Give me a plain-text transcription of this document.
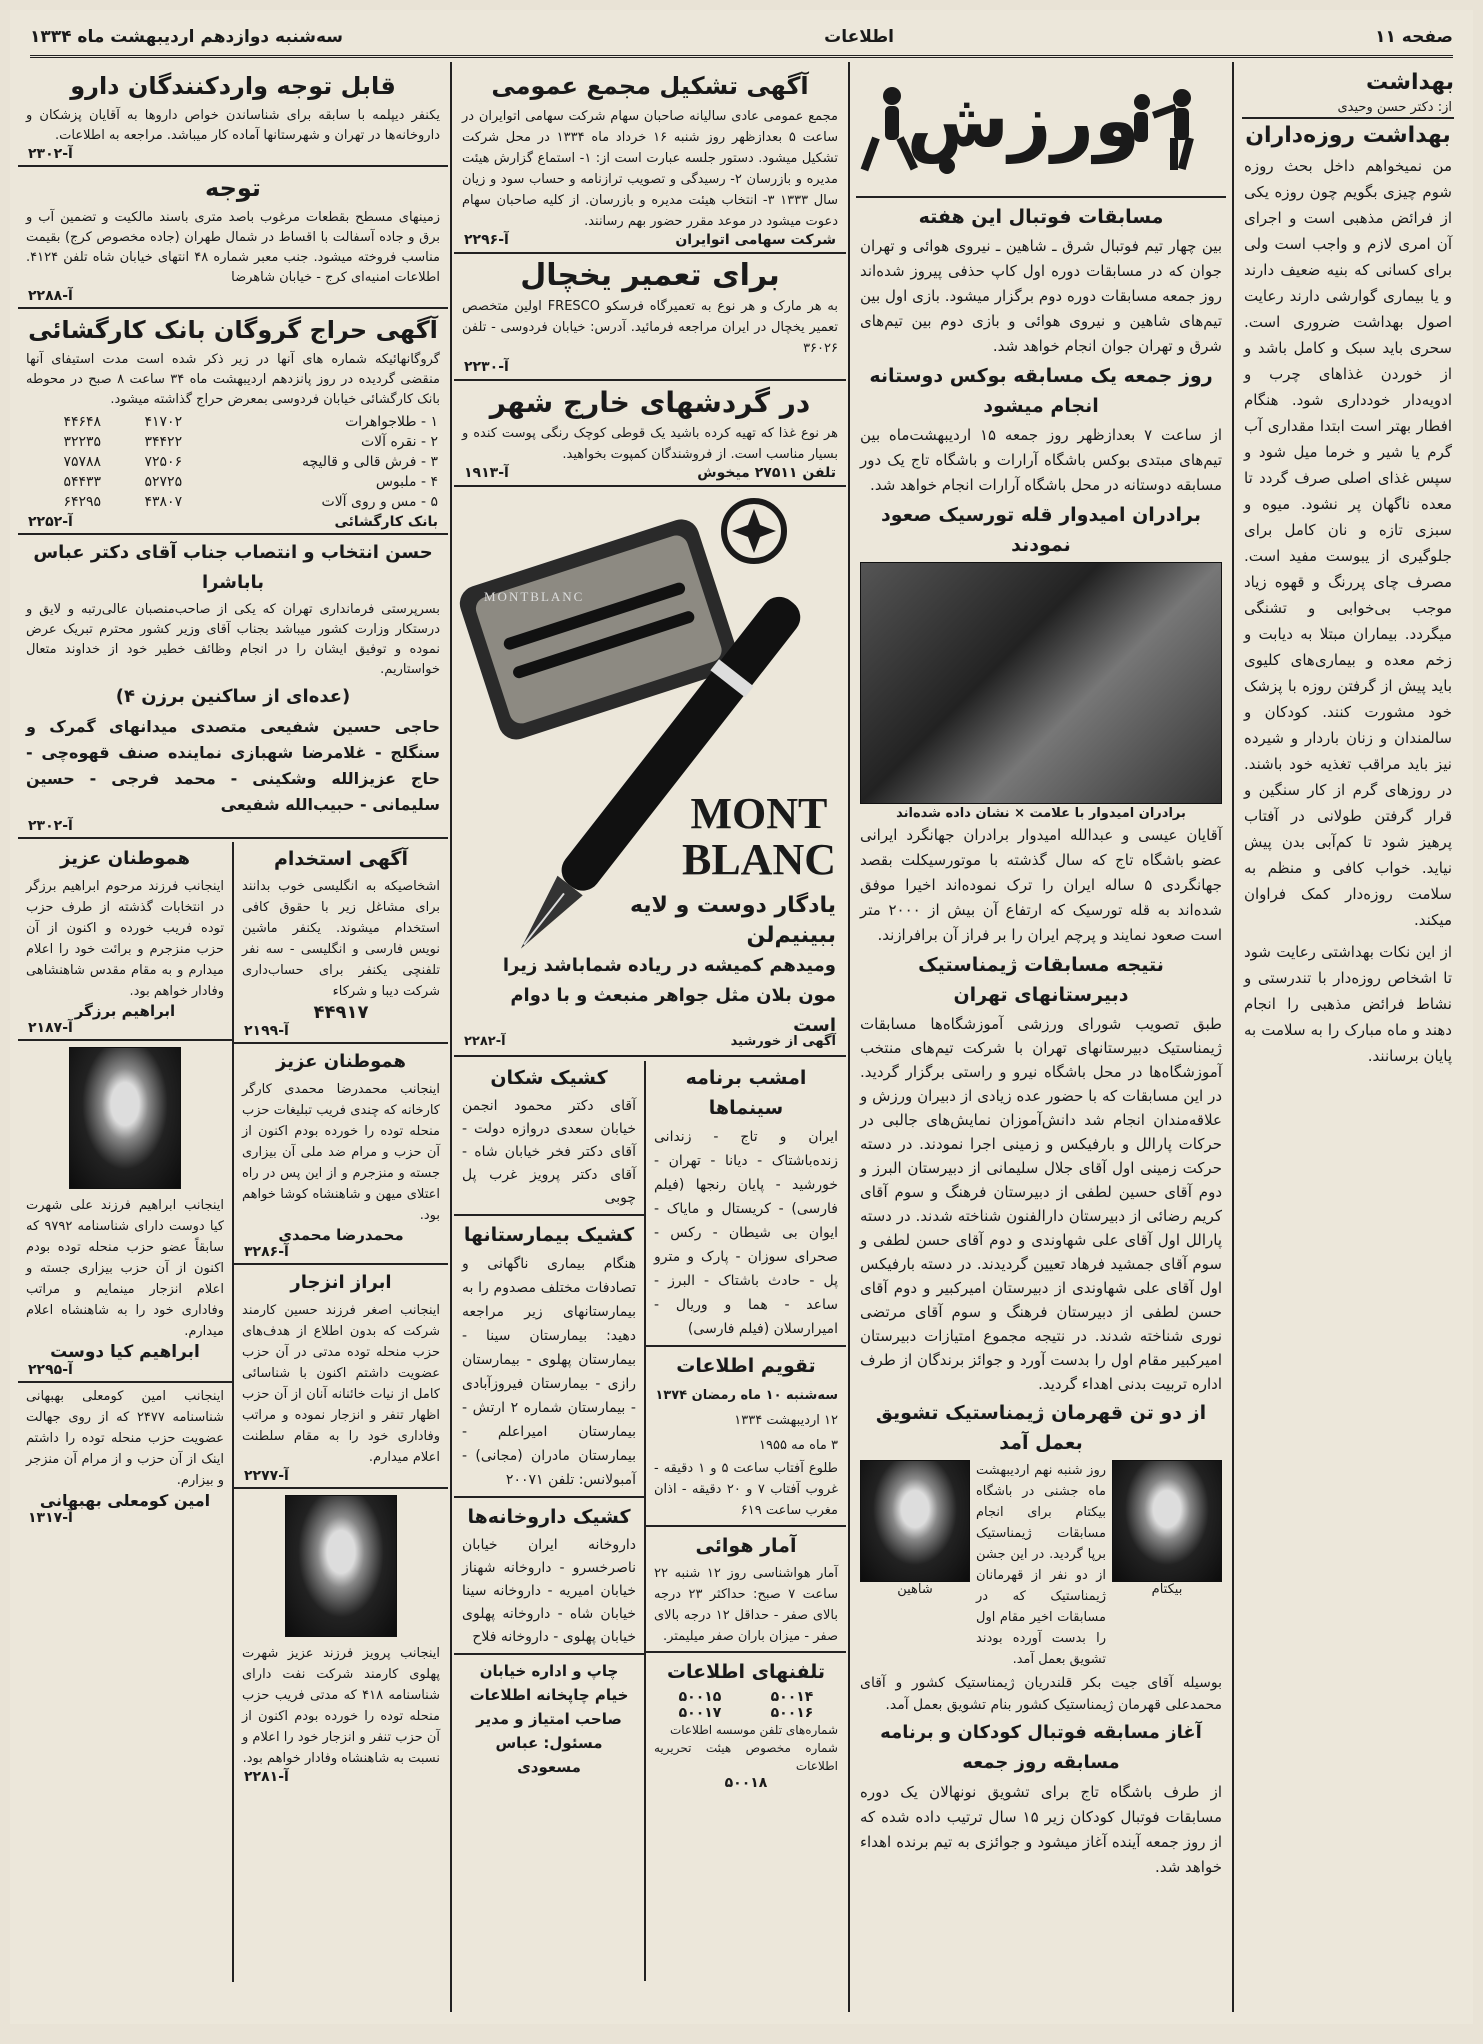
صفحه ۱۱
اطلاعات
سه‌شنبه دوازدهم اردیبهشت ماه ۱۳۳۴
بهداشت
از: دکتر حسن وحیدی
بهداشت روزه‌داران
من نمیخواهم داخل بحث روزه شوم چیزی بگویم چون روزه یکی از فرائض مذهبی است و اجرای آن امری لازم و واجب است ولی برای کسانی که بنیه ضعیف دارند و یا بیماری گوارشی دارند رعایت اصول بهداشت ضروری است. سحری باید سبک و کامل باشد و از خوردن غذاهای چرب و ادویه‌دار خودداری شود. هنگام افطار بهتر است ابتدا مقداری آب گرم یا شیر و خرما میل شود و سپس غذای اصلی صرف گردد تا معده ناگهان پر نشود. میوه و سبزی تازه و نان کامل برای جلوگیری از یبوست مفید است. مصرف چای پررنگ و قهوه زیاد موجب بی‌خوابی و تشنگی میگردد. بیماران مبتلا به دیابت و زخم معده و بیماری‌های کلیوی باید پیش از گرفتن روزه با پزشک خود مشورت کنند. کودکان و سالمندان و زنان باردار و شیرده نیز باید مراقب تغذیه خود باشند. در روزهای گرم از کار سنگین و قرار گرفتن طولانی در آفتاب پرهیز شود تا کم‌آبی بدن پیش نیاید. خواب کافی و منظم به سلامت روزه‌دار کمک فراوان میکند.
از این نکات بهداشتی رعایت شود تا اشخاص روزه‌دار با تندرستی و نشاط فرائض مذهبی را انجام دهند و ماه مبارک را به سلامت به پایان برسانند.
ورزش
مسابقات فوتبال این هفته
بین چهار تیم فوتبال شرق ـ شاهین ـ نیروی هوائی و تهران جوان که در مسابقات دوره اول کاپ حذفی پیروز شده‌اند روز جمعه مسابقات دوره دوم برگزار میشود. بازی اول بین تیم‌های شاهین و نیروی هوائی و بازی دوم بین تیم‌های شرق و تهران جوان انجام خواهد شد.
روز جمعه یک مسابقه بوکس دوستانه انجام میشود
از ساعت ۷ بعدازظهر روز جمعه ۱۵ اردیبهشت‌ماه بین تیم‌های مبتدی بوکس باشگاه آرارات و باشگاه تاج یک دور مسابقه دوستانه در محل باشگاه آرارات انجام خواهد شد.
برادران امیدوار قله تورسیک صعود نمودند
برادران امیدوار با علامت × نشان داده شده‌اند
آقایان عیسی و عبدالله امیدوار برادران جهانگرد ایرانی عضو باشگاه تاج که سال گذشته با موتورسیکلت بقصد جهانگردی ۵ ساله ایران را ترک نموده‌اند اخیرا موفق شده‌اند به قله تورسیک که ارتفاع آن بیش از ۲۰۰۰ متر است صعود نمایند و پرچم ایران را بر فراز آن برافرازند.
نتیجه مسابقات ژیمناستیک دبیرستانهای تهران
طبق تصویب شورای ورزشی آموزشگاه‌ها مسابقات ژیمناستیک دبیرستانهای تهران با شرکت تیم‌های منتخب آموزشگاه‌ها در محل باشگاه نیرو و راستی برگزار گردید. در این مسابقات که با حضور عده زیادی از دبیران ورزش و علاقه‌مندان انجام شد دانش‌آموزان نمایش‌های جالبی در حرکات پارالل و بارفیکس و زمینی اجرا نمودند. در دسته حرکت زمینی اول آقای جلال سلیمانی از دبیرستان البرز و دوم آقای حسین لطفی از دبیرستان فرهنگ و سوم آقای کریم رضائی از دبیرستان دارالفنون شناخته شدند. در دسته پارالل اول آقای علی شهاوندی و دوم آقای حسن لطفی و سوم آقای جمشید فرهاد تعیین گردیدند. در دسته بارفیکس اول آقای علی شهاوندی از دبیرستان امیرکبیر و دوم آقای حسن لطفی از دبیرستان فرهنگ و سوم آقای مرتضی نوری شناخته شدند. در نتیجه مجموع امتیازات دبیرستان امیرکبیر مقام اول را بدست آورد و جوائز برندگان از طرف اداره تربیت بدنی اهداء گردید.
از دو تن قهرمان ژیمناستیک تشویق بعمل آمد
شاهین
روز شنبه نهم اردیبهشت ماه جشنی در باشگاه بیکتام برای انجام مسابقات ژیمناستیک برپا گردید. در این جشن از دو نفر از قهرمانان ژیمناستیک که در مسابقات اخیر مقام اول را بدست آورده بودند تشویق بعمل آمد.
بیکتام
بوسیله آقای جیت بکر قلندریان ژیمناستیک کشور و آقای محمدعلی قهرمان ژیمناستیک کشور بنام تشویق بعمل آمد.
آغاز مسابقه فوتبال کودکان و برنامه مسابقه روز جمعه
از طرف باشگاه تاج برای تشویق نونهالان یک دوره مسابقات فوتبال کودکان زیر ۱۵ سال ترتیب داده شده که از روز جمعه آینده آغاز میشود و جوائزی به تیم برنده اهداء خواهد شد.
آگهی تشکیل مجمع عمومی
مجمع عمومی عادی سالیانه صاحبان سهام شرکت سهامی اتوایران در ساعت ۵ بعدازظهر روز شنبه ۱۶ خرداد ماه ۱۳۳۴ در محل شرکت تشکیل میشود. دستور جلسه عبارت است از: ۱- استماع گزارش هیئت مدیره و بازرسان ۲- رسیدگی و تصویب ترازنامه و حساب سود و زیان سال ۱۳۳۳ ۳- انتخاب هیئت مدیره و بازرسان. از کلیه صاحبان سهام دعوت میشود در موعد مقرر حضور بهم رسانند.
آ-۲۲۹۶	شرکت سهامی اتوایران
برای تعمیر یخچال
به هر مارک و هر نوع به تعمیرگاه فرسکو FRESCO اولین متخصص تعمیر یخچال در ایران مراجعه فرمائید. آدرس: خیابان فردوسی - تلفن ۳۶۰۲۶
آ-۲۲۳۰
در گردشهای خارج شهر
هر نوع غذا که تهیه کرده باشید یک قوطی کوچک رنگی پوست کنده و بسیار مناسب است. از فروشندگان کمپوت بخواهید.
آ-۱۹۱۳	تلفن ۲۷۵۱۱ میخوش
MONTBLANC
MONT
BLANC
یادگار دوست و لایه
ببینیم‌لن
ومیدهم کمیشه در ریاده شماباشد زیرا
مون بلان مثل جواهر منبعث و با دوام است
آ-۲۲۸۲	آگهی از خورشید
امشب برنامه سینماها
ایران و تاج - زندانی زنده‌باشتاک - دیانا - تهران - خورشید - پایان رنجها (فیلم فارسی) - کریستال و مایاک - ایوان بی شیطان - رکس - صحرای سوزان - پارک و مترو پل - حادث باشتاک - البرز - ساعد - هما و وریال - امیرارسلان (فیلم فارسی)
تقویم اطلاعات
سه‌شنبه ۱۰ ماه رمضان ۱۳۷۴
۱۲ اردیبهشت ۱۳۳۴
۳ ماه مه ۱۹۵۵
طلوع آفتاب ساعت ۵ و ۱ دقیقه - غروب آفتاب ۷ و ۲۰ دقیقه - اذان مغرب ساعت ۶۱۹
آمار هوائی
آمار هواشناسی روز ۱۲ شنبه ۲۲ ساعت ۷ صبح: حداکثر ۲۳ درجه بالای صفر - حداقل ۱۲ درجه بالای صفر - میزان باران صفر میلیمتر.
تلفنهای اطلاعات
۵۰۰۱۴
۵۰۰۱۵
۵۰۰۱۶
۵۰۰۱۷
شماره‌های تلفن موسسه اطلاعات
شماره مخصوص هیئت تحریریه اطلاعات
۵۰۰۱۸
کشیک شکان
آقای دکتر محمود انجمن خیابان سعدی دروازه دولت - آقای دکتر فخر خیابان شاه - آقای دکتر پرویز غرب پل چوبی
کشیک بیمارستانها
هنگام بیماری ناگهانی و تصادفات مختلف مصدوم را به بیمارستانهای زیر مراجعه دهید: بیمارستان سینا - بیمارستان پهلوی - بیمارستان رازی - بیمارستان فیروزآبادی - بیمارستان شماره ۲ ارتش - بیمارستان امیراعلم - بیمارستان مادران (مجانی) - آمبولانس: تلفن ۲۰۰۷۱
کشیک داروخانه‌ها
داروخانه ایران خیابان ناصرخسرو - داروخانه شهناز خیابان امیریه - داروخانه سینا خیابان شاه - داروخانه پهلوی خیابان پهلوی - داروخانه فلاح
چاپ و اداره خیابان خیام چاپخانه اطلاعات
صاحب امتیاز و مدیر مسئول: عباس مسعودی
قابل توجه واردکنندگان دارو
یکنفر دیپلمه با سابقه برای شناساندن خواص داروها به آقایان پزشکان و داروخانه‌ها در تهران و شهرستانها آماده کار میباشد. مراجعه به اطلاعات.
آ-۲۳۰۲
توجه
زمینهای مسطح بقطعات مرغوب باصد متری باسند مالکیت و تضمین آب و برق و جاده آسفالت با اقساط در شمال طهران (جاده مخصوص کرج) بقیمت مناسب فروخته میشود. جنب معبر شماره ۴۸ انتهای خیابان شاه تلفن ۴۱۲۴. اطلاعات امنیه‌ای کرج - خیابان شاهرضا
آ-۲۲۸۸
آگهی حراج گروگان بانک کارگشائی
گروگانهائیکه شماره های آنها در زیر ذکر شده است مدت استیفای آنها منقضی گردیده در روز پانزدهم اردیبهشت ماه ۳۴ ساعت ۸ صبح در محوطه بانک کارگشائی خیابان فردوسی بمعرض حراج گذاشته میشود.
۱ - طلاجواهرات	۴۱۷۰۲	۴۴۶۴۸
۲ - نقره آلات	۳۴۴۲۲	۳۲۲۳۵
۳ - فرش قالی و قالیچه	۷۲۵۰۶	۷۵۷۸۸
۴ - ملبوس	۵۲۷۲۵	۵۴۴۳۳
۵ - مس و روی آلات	۴۳۸۰۷	۶۴۲۹۵
آ-۲۲۵۲	بانک کارگشائی
حسن انتخاب و انتصاب جناب آقای دکتر عباس باباشرا
بسرپرستی فرمانداری تهران که یکی از صاحب‌منصبان عالی‌رتبه و لایق و درستکار وزارت کشور میباشد بجناب آقای وزیر کشور محترم تبریک عرض نموده و توفیق ایشان را در انجام وظائف خطیر خود از خداوند متعال خواستاریم.
(عده‌ای از ساکنین برزن ۴)
حاجی حسین شفیعی متصدی میدانهای گمرک و سنگلج - غلامرضا شهبازی نماینده صنف قهوه‌چی - حاج عزیزالله وشکینی - محمد فرجی - حسین سلیمانی - حبیب‌الله شفیعی
آ-۲۳۰۲
آگهی استخدام
اشخاصیکه به انگلیسی خوب بدانند برای مشاغل زیر با حقوق کافی استخدام میشوند. یکنفر ماشین نویس فارسی و انگلیسی - سه نفر تلفنچی یکنفر برای حساب‌داری شرکت دیبا و شرکاء
۴۴۹۱۷
آ-۲۱۹۹
هموطنان عزیز
اینجانب محمدرضا محمدی کارگر کارخانه که چندی فریب تبلیغات حزب منحله توده را خورده بودم اکنون از آن حزب و مرام ضد ملی آن بیزاری جسته و منزجرم و از این پس در راه اعتلای میهن و شاهنشاه کوشا خواهم بود.
محمدرضا محمدی
آ-۳۲۸۶
ابراز انزجار
اینجانب اصغر فرزند حسین کارمند شرکت که بدون اطلاع از هدف‌های حزب منحله توده مدتی در آن حزب عضویت داشتم اکنون با شناسائی کامل از نیات خائنانه آنان از آن حزب اظهار تنفر و انزجار نموده و مراتب وفاداری خود را به مقام سلطنت اعلام میدارم.
آ-۲۲۷۷
اینجانب پرویز فرزند عزیز شهرت پهلوی کارمند شرکت نفت دارای شناسنامه ۴۱۸ که مدتی فریب حزب منحله توده را خورده بودم اکنون از آن حزب تنفر و انزجار خود را اعلام و نسبت به شاهنشاه وفادار خواهم بود.
آ-۲۲۸۱
هموطنان عزیز
اینجانب فرزند مرحوم ابراهیم برزگر در انتخابات گذشته از طرف حزب توده فریب خورده و اکنون از آن حزب منزجرم و برائت خود را اعلام میدارم و به مقام مقدس شاهنشاهی وفادار خواهم بود.
ابراهیم برزگر
آ-۲۱۸۷
اینجانب ابراهیم فرزند علی شهرت کیا دوست دارای شناسنامه ۹۷۹۲ که سابقاً عضو حزب منحله توده بودم اکنون از آن حزب بیزاری جسته و اعلام انزجار مینمایم و مراتب وفاداری خود را به شاهنشاه اعلام میدارم.
ابراهیم کیا دوست
آ-۲۲۹۵
اینجانب امین کومعلی بهبهانی شناسنامه ۲۴۷۷ که از روی جهالت عضویت حزب منحله توده را داشتم اینک از آن حزب و از مرام آن منزجر و بیزارم.
امین کومعلی بهبهانی
آ-۱۳۱۷
